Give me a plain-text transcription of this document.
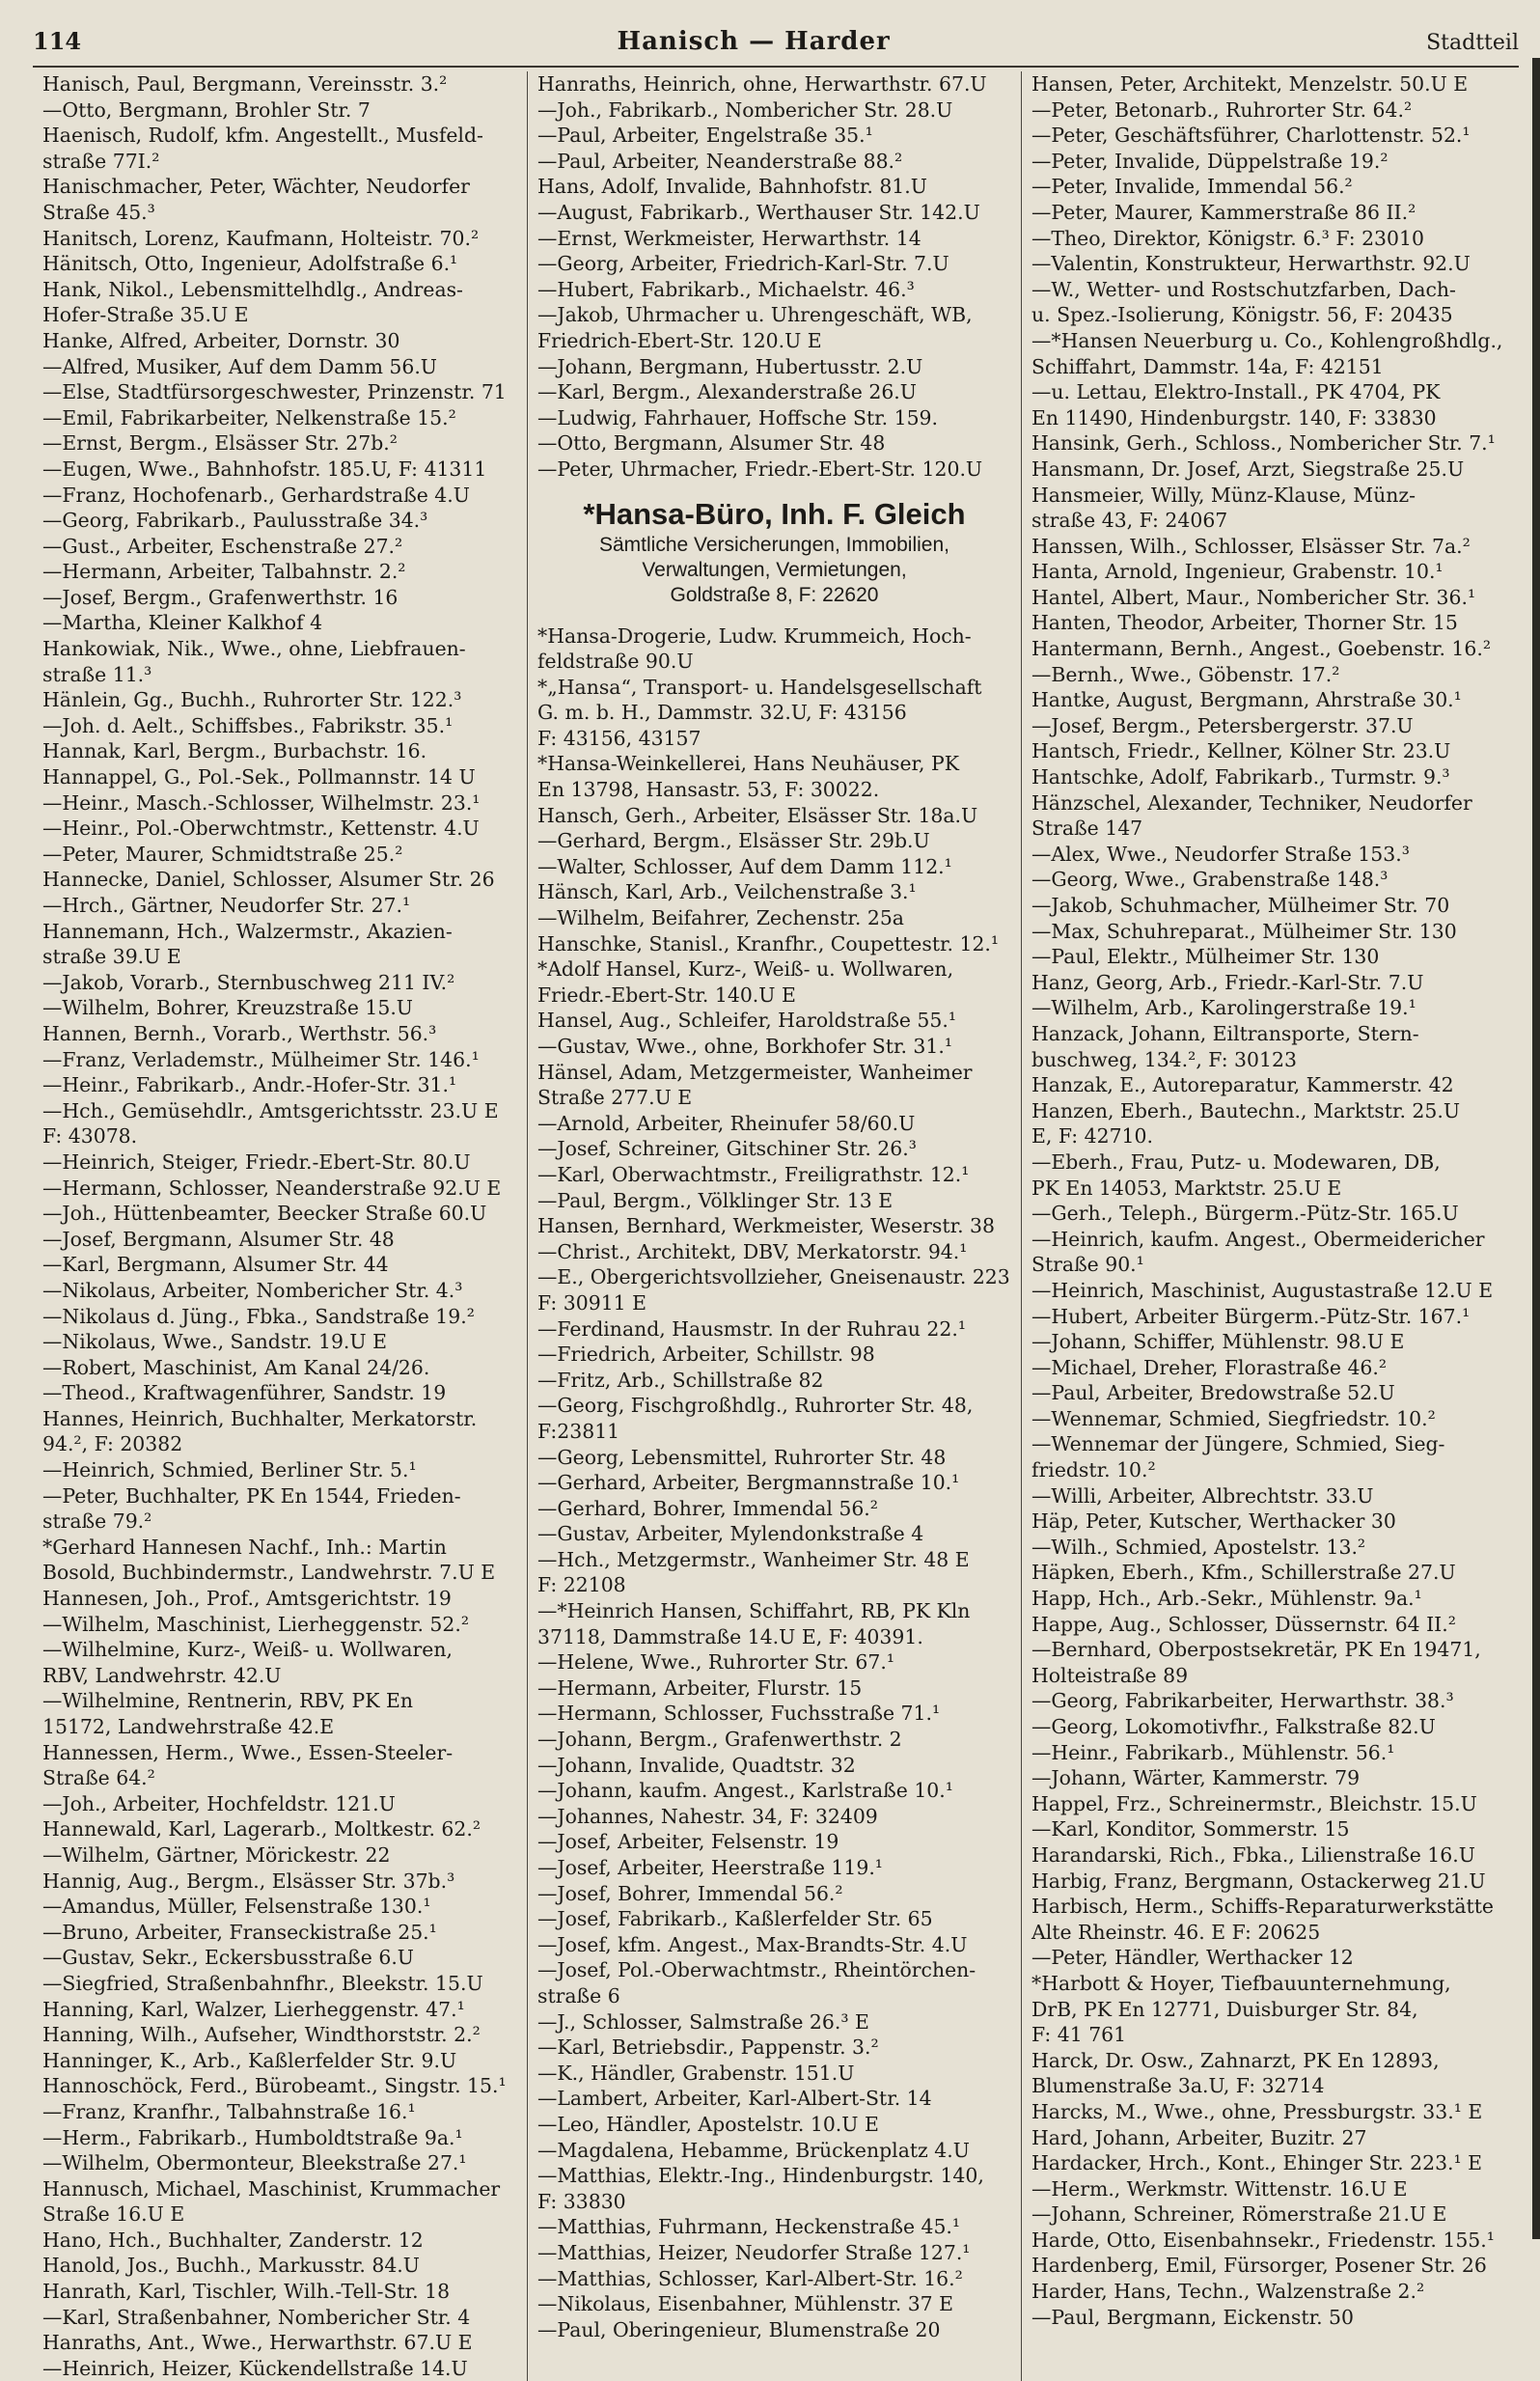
114	Hanisch — Harder	Stadtteil
Hanisch, Paul, Bergmann, Vereinsstr. 3.²
—Otto, Bergmann, Brohler Str. 7
Haenisch, Rudolf, kfm. Angestellt., Musfeld-
straße 77I.²
Hanischmacher, Peter, Wächter, Neudorfer
Straße 45.³
Hanitsch, Lorenz, Kaufmann, Holteistr. 70.²
Hänitsch, Otto, Ingenieur, Adolfstraße 6.¹
Hank, Nikol., Lebensmittelhdlg., Andreas-
Hofer-Straße 35.U E
Hanke, Alfred, Arbeiter, Dornstr. 30
—Alfred, Musiker, Auf dem Damm 56.U
—Else, Stadtfürsorgeschwester, Prinzenstr. 71
—Emil, Fabrikarbeiter, Nelkenstraße 15.²
—Ernst, Bergm., Elsässer Str. 27b.²
—Eugen, Wwe., Bahnhofstr. 185.U, F: 41311
—Franz, Hochofenarb., Gerhardstraße 4.U
—Georg, Fabrikarb., Paulusstraße 34.³
—Gust., Arbeiter, Eschenstraße 27.²
—Hermann, Arbeiter, Talbahnstr. 2.²
—Josef, Bergm., Grafenwerthstr. 16
—Martha, Kleiner Kalkhof 4
Hankowiak, Nik., Wwe., ohne, Liebfrauen-
straße 11.³
Hänlein, Gg., Buchh., Ruhrorter Str. 122.³
—Joh. d. Aelt., Schiffsbes., Fabrikstr. 35.¹
Hannak, Karl, Bergm., Burbachstr. 16.
Hannappel, G., Pol.-Sek., Pollmannstr. 14 U
—Heinr., Masch.-Schlosser, Wilhelmstr. 23.¹
—Heinr., Pol.-Oberwchtmstr., Kettenstr. 4.U
—Peter, Maurer, Schmidtstraße 25.²
Hannecke, Daniel, Schlosser, Alsumer Str. 26
—Hrch., Gärtner, Neudorfer Str. 27.¹
Hannemann, Hch., Walzermstr., Akazien-
straße 39.U E
—Jakob, Vorarb., Sternbuschweg 211 IV.²
—Wilhelm, Bohrer, Kreuzstraße 15.U
Hannen, Bernh., Vorarb., Werthstr. 56.³
—Franz, Verlademstr., Mülheimer Str. 146.¹
—Heinr., Fabrikarb., Andr.-Hofer-Str. 31.¹
—Hch., Gemüsehdlr., Amtsgerichtsstr. 23.U E
F: 43078.
—Heinrich, Steiger, Friedr.-Ebert-Str. 80.U
—Hermann, Schlosser, Neanderstraße 92.U E
—Joh., Hüttenbeamter, Beecker Straße 60.U
—Josef, Bergmann, Alsumer Str. 48
—Karl, Bergmann, Alsumer Str. 44
—Nikolaus, Arbeiter, Nombericher Str. 4.³
—Nikolaus d. Jüng., Fbka., Sandstraße 19.²
—Nikolaus, Wwe., Sandstr. 19.U E
—Robert, Maschinist, Am Kanal 24/26.
—Theod., Kraftwagenführer, Sandstr. 19
Hannes, Heinrich, Buchhalter, Merkatorstr.
94.², F: 20382
—Heinrich, Schmied, Berliner Str. 5.¹
—Peter, Buchhalter, PK En 1544, Frieden-
straße 79.²
*Gerhard Hannesen Nachf., Inh.: Martin
Bosold, Buchbindermstr., Landwehrstr. 7.U E
Hannesen, Joh., Prof., Amtsgerichtstr. 19
—Wilhelm, Maschinist, Lierheggenstr. 52.²
—Wilhelmine, Kurz-, Weiß- u. Wollwaren,
RBV, Landwehrstr. 42.U
—Wilhelmine, Rentnerin, RBV, PK En
15172, Landwehrstraße 42.E
Hannessen, Herm., Wwe., Essen-Steeler-
Straße 64.²
—Joh., Arbeiter, Hochfeldstr. 121.U
Hannewald, Karl, Lagerarb., Moltkestr. 62.²
—Wilhelm, Gärtner, Mörickestr. 22
Hannig, Aug., Bergm., Elsässer Str. 37b.³
—Amandus, Müller, Felsenstraße 130.¹
—Bruno, Arbeiter, Franseckistraße 25.¹
—Gustav, Sekr., Eckersbusstraße 6.U
—Siegfried, Straßenbahnfhr., Bleekstr. 15.U
Hanning, Karl, Walzer, Lierheggenstr. 47.¹
Hanning, Wilh., Aufseher, Windthorststr. 2.²
Hanninger, K., Arb., Kaßlerfelder Str. 9.U
Hannoschöck, Ferd., Bürobeamt., Singstr. 15.¹
—Franz, Kranfhr., Talbahnstraße 16.¹
—Herm., Fabrikarb., Humboldtstraße 9a.¹
—Wilhelm, Obermonteur, Bleekstraße 27.¹
Hannusch, Michael, Maschinist, Krummacher
Straße 16.U E
Hano, Hch., Buchhalter, Zanderstr. 12
Hanold, Jos., Buchh., Markusstr. 84.U
Hanrath, Karl, Tischler, Wilh.-Tell-Str. 18
—Karl, Straßenbahner, Nombericher Str. 4
Hanraths, Ant., Wwe., Herwarthstr. 67.U E
—Heinrich, Heizer, Kückendellstraße 14.U
Hanraths, Heinrich, ohne, Herwarthstr. 67.U
—Joh., Fabrikarb., Nombericher Str. 28.U
—Paul, Arbeiter, Engelstraße 35.¹
—Paul, Arbeiter, Neanderstraße 88.²
Hans, Adolf, Invalide, Bahnhofstr. 81.U
—August, Fabrikarb., Werthauser Str. 142.U
—Ernst, Werkmeister, Herwarthstr. 14
—Georg, Arbeiter, Friedrich-Karl-Str. 7.U
—Hubert, Fabrikarb., Michaelstr. 46.³
—Jakob, Uhrmacher u. Uhrengeschäft, WB,
Friedrich-Ebert-Str. 120.U E
—Johann, Bergmann, Hubertusstr. 2.U
—Karl, Bergm., Alexanderstraße 26.U
—Ludwig, Fahrhauer, Hoffsche Str. 159.
—Otto, Bergmann, Alsumer Str. 48
—Peter, Uhrmacher, Friedr.-Ebert-Str. 120.U
*Hansa-Büro, Inh. F. Gleich
Sämtliche Versicherungen, Immobilien,
Verwaltungen, Vermietungen,
Goldstraße 8, F: 22620
*Hansa-Drogerie, Ludw. Krummeich, Hoch-
feldstraße 90.U
*„Hansa“, Transport- u. Handelsgesellschaft
G. m. b. H., Dammstr. 32.U, F: 43156
F: 43156, 43157
*Hansa-Weinkellerei, Hans Neuhäuser, PK
En 13798, Hansastr. 53, F: 30022.
Hansch, Gerh., Arbeiter, Elsässer Str. 18a.U
—Gerhard, Bergm., Elsässer Str. 29b.U
—Walter, Schlosser, Auf dem Damm 112.¹
Hänsch, Karl, Arb., Veilchenstraße 3.¹
—Wilhelm, Beifahrer, Zechenstr. 25a
Hanschke, Stanisl., Kranfhr., Coupettestr. 12.¹
*Adolf Hansel, Kurz-, Weiß- u. Wollwaren,
Friedr.-Ebert-Str. 140.U E
Hansel, Aug., Schleifer, Haroldstraße 55.¹
—Gustav, Wwe., ohne, Borkhofer Str. 31.¹
Hänsel, Adam, Metzgermeister, Wanheimer
Straße 277.U E
—Arnold, Arbeiter, Rheinufer 58/60.U
—Josef, Schreiner, Gitschiner Str. 26.³
—Karl, Oberwachtmstr., Freiligrathstr. 12.¹
—Paul, Bergm., Völklinger Str. 13 E
Hansen, Bernhard, Werkmeister, Weserstr. 38
—Christ., Architekt, DBV, Merkatorstr. 94.¹
—E., Obergerichtsvollzieher, Gneisenaustr. 223
F: 30911 E
—Ferdinand, Hausmstr. In der Ruhrau 22.¹
—Friedrich, Arbeiter, Schillstr. 98
—Fritz, Arb., Schillstraße 82
—Georg, Fischgroßhdlg., Ruhrorter Str. 48,
F:23811
—Georg, Lebensmittel, Ruhrorter Str. 48
—Gerhard, Arbeiter, Bergmannstraße 10.¹
—Gerhard, Bohrer, Immendal 56.²
—Gustav, Arbeiter, Mylendonkstraße 4
—Hch., Metzgermstr., Wanheimer Str. 48 E
F: 22108
—*Heinrich Hansen, Schiffahrt, RB, PK Kln
37118, Dammstraße 14.U E, F: 40391.
—Helene, Wwe., Ruhrorter Str. 67.¹
—Hermann, Arbeiter, Flurstr. 15
—Hermann, Schlosser, Fuchsstraße 71.¹
—Johann, Bergm., Grafenwerthstr. 2
—Johann, Invalide, Quadtstr. 32
—Johann, kaufm. Angest., Karlstraße 10.¹
—Johannes, Nahestr. 34, F: 32409
—Josef, Arbeiter, Felsenstr. 19
—Josef, Arbeiter, Heerstraße 119.¹
—Josef, Bohrer, Immendal 56.²
—Josef, Fabrikarb., Kaßlerfelder Str. 65
—Josef, kfm. Angest., Max-Brandts-Str. 4.U
—Josef, Pol.-Oberwachtmstr., Rheintörchen-
straße 6
—J., Schlosser, Salmstraße 26.³ E
—Karl, Betriebsdir., Pappenstr. 3.²
—K., Händler, Grabenstr. 151.U
—Lambert, Arbeiter, Karl-Albert-Str. 14
—Leo, Händler, Apostelstr. 10.U E
—Magdalena, Hebamme, Brückenplatz 4.U
—Matthias, Elektr.-Ing., Hindenburgstr. 140,
F: 33830
—Matthias, Fuhrmann, Heckenstraße 45.¹
—Matthias, Heizer, Neudorfer Straße 127.¹
—Matthias, Schlosser, Karl-Albert-Str. 16.²
—Nikolaus, Eisenbahner, Mühlenstr. 37 E
—Paul, Oberingenieur, Blumenstraße 20
Hansen, Peter, Architekt, Menzelstr. 50.U E
—Peter, Betonarb., Ruhrorter Str. 64.²
—Peter, Geschäftsführer, Charlottenstr. 52.¹
—Peter, Invalide, Düppelstraße 19.²
—Peter, Invalide, Immendal 56.²
—Peter, Maurer, Kammerstraße 86 II.²
—Theo, Direktor, Königstr. 6.³ F: 23010
—Valentin, Konstrukteur, Herwarthstr. 92.U
—W., Wetter- und Rostschutzfarben, Dach-
u. Spez.-Isolierung, Königstr. 56, F: 20435
—*Hansen Neuerburg u. Co., Kohlengroßhdlg.,
Schiffahrt, Dammstr. 14a, F: 42151
—u. Lettau, Elektro-Install., PK 4704, PK
En 11490, Hindenburgstr. 140, F: 33830
Hansink, Gerh., Schloss., Nombericher Str. 7.¹
Hansmann, Dr. Josef, Arzt, Siegstraße 25.U
Hansmeier, Willy, Münz-Klause, Münz-
straße 43, F: 24067
Hanssen, Wilh., Schlosser, Elsässer Str. 7a.²
Hanta, Arnold, Ingenieur, Grabenstr. 10.¹
Hantel, Albert, Maur., Nombericher Str. 36.¹
Hanten, Theodor, Arbeiter, Thorner Str. 15
Hantermann, Bernh., Angest., Goebenstr. 16.²
—Bernh., Wwe., Göbenstr. 17.²
Hantke, August, Bergmann, Ahrstraße 30.¹
—Josef, Bergm., Petersbergerstr. 37.U
Hantsch, Friedr., Kellner, Kölner Str. 23.U
Hantschke, Adolf, Fabrikarb., Turmstr. 9.³
Hänzschel, Alexander, Techniker, Neudorfer
Straße 147
—Alex, Wwe., Neudorfer Straße 153.³
—Georg, Wwe., Grabenstraße 148.³
—Jakob, Schuhmacher, Mülheimer Str. 70
—Max, Schuhreparat., Mülheimer Str. 130
—Paul, Elektr., Mülheimer Str. 130
Hanz, Georg, Arb., Friedr.-Karl-Str. 7.U
—Wilhelm, Arb., Karolingerstraße 19.¹
Hanzack, Johann, Eiltransporte, Stern-
buschweg, 134.², F: 30123
Hanzak, E., Autoreparatur, Kammerstr. 42
Hanzen, Eberh., Bautechn., Marktstr. 25.U
E, F: 42710.
—Eberh., Frau, Putz- u. Modewaren, DB,
PK En 14053, Marktstr. 25.U E
—Gerh., Teleph., Bürgerm.-Pütz-Str. 165.U
—Heinrich, kaufm. Angest., Obermeidericher
Straße 90.¹
—Heinrich, Maschinist, Augustastraße 12.U E
—Hubert, Arbeiter Bürgerm.-Pütz-Str. 167.¹
—Johann, Schiffer, Mühlenstr. 98.U E
—Michael, Dreher, Florastraße 46.²
—Paul, Arbeiter, Bredowstraße 52.U
—Wennemar, Schmied, Siegfriedstr. 10.²
—Wennemar der Jüngere, Schmied, Sieg-
friedstr. 10.²
—Willi, Arbeiter, Albrechtstr. 33.U
Häp, Peter, Kutscher, Werthacker 30
—Wilh., Schmied, Apostelstr. 13.²
Häpken, Eberh., Kfm., Schillerstraße 27.U
Happ, Hch., Arb.-Sekr., Mühlenstr. 9a.¹
Happe, Aug., Schlosser, Düssernstr. 64 II.²
—Bernhard, Oberpostsekretär, PK En 19471,
Holteistraße 89
—Georg, Fabrikarbeiter, Herwarthstr. 38.³
—Georg, Lokomotivfhr., Falkstraße 82.U
—Heinr., Fabrikarb., Mühlenstr. 56.¹
—Johann, Wärter, Kammerstr. 79
Happel, Frz., Schreinermstr., Bleichstr. 15.U
—Karl, Konditor, Sommerstr. 15
Harandarski, Rich., Fbka., Lilienstraße 16.U
Harbig, Franz, Bergmann, Ostackerweg 21.U
Harbisch, Herm., Schiffs-Reparaturwerkstätte
Alte Rheinstr. 46. E F: 20625
—Peter, Händler, Werthacker 12
*Harbott & Hoyer, Tiefbauunternehmung,
DrB, PK En 12771, Duisburger Str. 84,
F: 41 761
Harck, Dr. Osw., Zahnarzt, PK En 12893,
Blumenstraße 3a.U, F: 32714
Harcks, M., Wwe., ohne, Pressburgstr. 33.¹ E
Hard, Johann, Arbeiter, Buzitr. 27
Hardacker, Hrch., Kont., Ehinger Str. 223.¹ E
—Herm., Werkmstr. Wittenstr. 16.U E
—Johann, Schreiner, Römerstraße 21.U E
Harde, Otto, Eisenbahnsekr., Friedenstr. 155.¹
Hardenberg, Emil, Fürsorger, Posener Str. 26
Harder, Hans, Techn., Walzenstraße 2.²
—Paul, Bergmann, Eickenstr. 50
